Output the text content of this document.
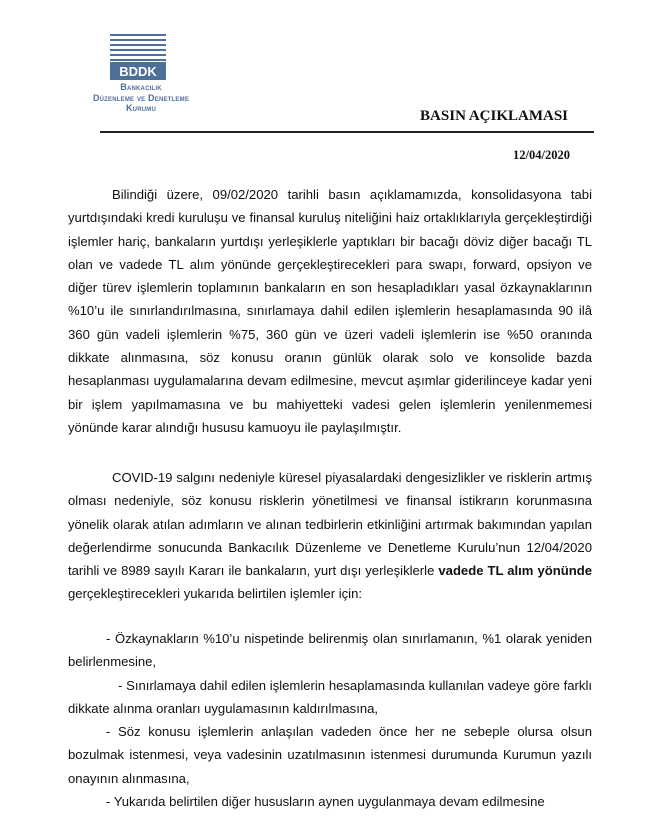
BDDK
Bankacılık
Düzenleme ve Denetleme
Kurumu	BASIN AÇIKLAMASI
12/04/2020

Bilindiği üzere, 09/02/2020 tarihli basın açıklamamızda, konsolidasyona tabi yurtdışındaki kredi kuruluşu ve finansal kuruluş niteliğini haiz ortaklıklarıyla gerçekleştirdiği işlemler hariç, bankaların yurtdışı yerleşiklerle yaptıkları bir bacağı döviz diğer bacağı TL olan ve vadede TL alım yönünde gerçekleştirecekleri para swapı, forward, opsiyon ve diğer türev işlemlerin toplamının bankaların en son hesapladıkları yasal özkaynaklarının %10’u ile sınırlandırılmasına, sınırlamaya dahil edilen işlemlerin hesaplamasında 90 ilâ 360 gün vadeli işlemlerin %75, 360 gün ve üzeri vadeli işlemlerin ise %50 oranında dikkate alınmasına, söz konusu oranın günlük olarak solo ve konsolide bazda hesaplanması uygulamalarına devam edilmesine, mevcut aşımlar giderilinceye kadar yeni bir işlem yapılmamasına ve bu mahiyetteki vadesi gelen işlemlerin yenilenmemesi yönünde karar alındığı hususu kamuoyu ile paylaşılmıştır.

COVID-19 salgını nedeniyle küresel piyasalardaki dengesizlikler ve risklerin artmış olması nedeniyle, söz konusu risklerin yönetilmesi ve finansal istikrarın korunmasına yönelik olarak atılan adımların ve alınan tedbirlerin etkinliğini artırmak bakımından yapılan değerlendirme sonucunda Bankacılık Düzenleme ve Denetleme Kurulu’nun 12/04/2020 tarihli ve 8989 sayılı Kararı ile bankaların, yurt dışı yerleşiklerle vadede TL alım yönünde gerçekleştirecekleri yukarıda belirtilen işlemler için:

- Özkaynakların %10’u nispetinde belirenmiş olan sınırlamanın, %1 olarak yeniden belirlenmesine,

- Sınırlamaya dahil edilen işlemlerin hesaplamasında kullanılan vadeye göre farklı dikkate alınma oranları uygulamasının kaldırılmasına,

- Söz konusu işlemlerin anlaşılan vadeden önce her ne sebeple olursa olsun bozulmak istenmesi, veya vadesinin uzatılmasının istenmesi durumunda Kurumun yazılı onayının alınmasına,

- Yukarıda belirtilen diğer hususların aynen uygulanmaya devam edilmesine
